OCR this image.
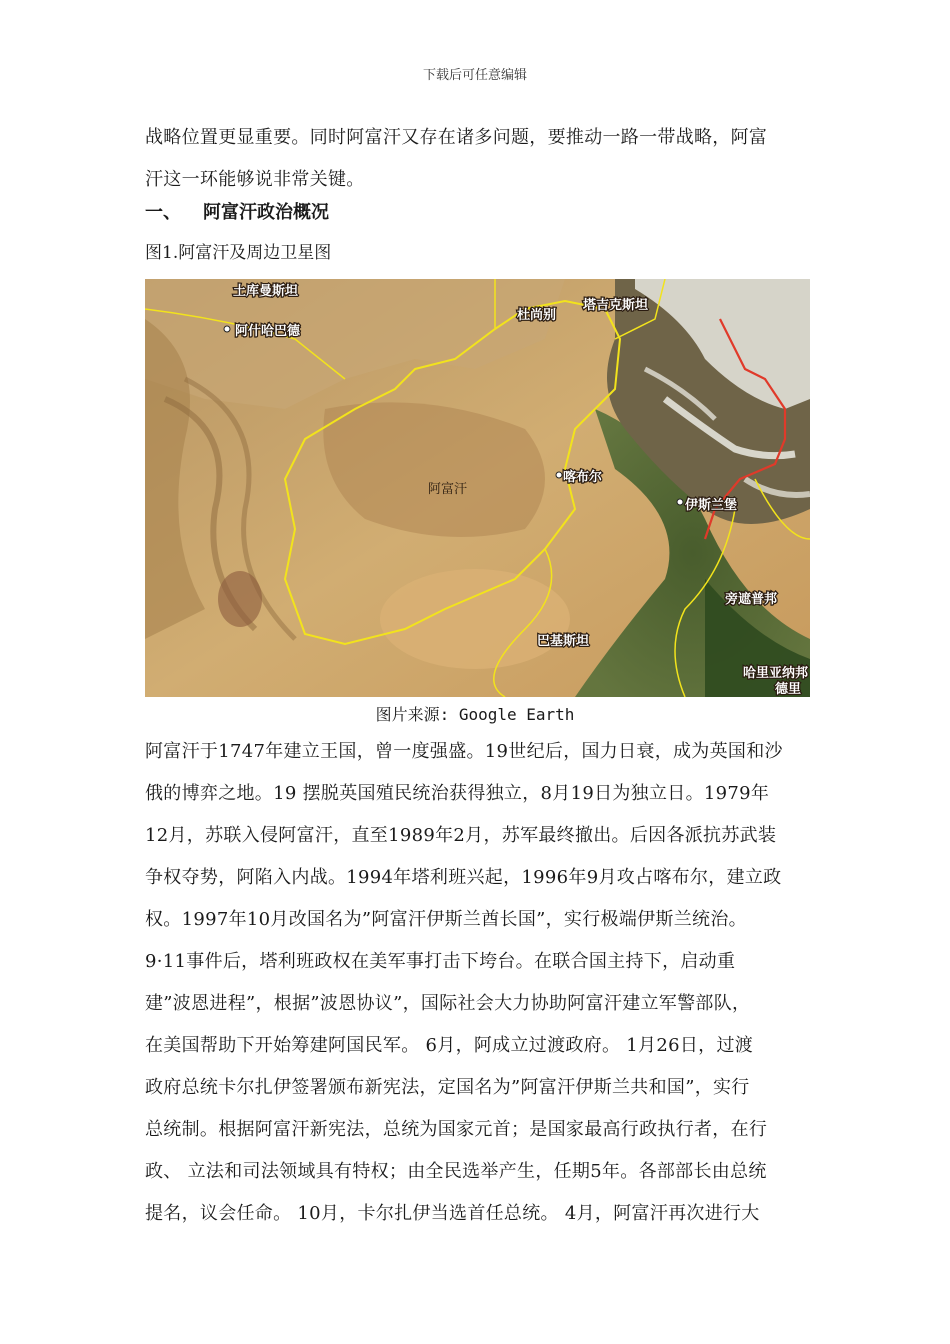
下载后可任意编辑
战略位置更显重要。同时阿富汗又存在诸多问题，要推动一路一带战略，阿富
汗这一环能够说非常关键。
一、 阿富汗政治概况
图1.阿富汗及周边卫星图
土库曼斯坦
阿什哈巴德
杜尚别
塔吉克斯坦
阿富汗
喀布尔
伊斯兰堡
旁遮普邦
巴基斯坦
哈里亚纳邦
德里
图片来源: Google Earth
阿富汗于1747年建立王国，曾一度强盛。19世纪后，国力日衰，成为英国和沙
俄的博弈之地。19 摆脱英国殖民统治获得独立，8月19日为独立日。1979年
12月，苏联入侵阿富汗，直至1989年2月，苏军最终撤出。后因各派抗苏武装
争权夺势，阿陷入内战。1994年塔利班兴起，1996年9月攻占喀布尔，建立政
权。1997年10月改国名为”阿富汗伊斯兰酋长国”，实行极端伊斯兰统治。
9·11事件后，塔利班政权在美军事打击下垮台。在联合国主持下，启动重
建”波恩进程”，根据”波恩协议”，国际社会大力协助阿富汗建立军警部队，
在美国帮助下开始筹建阿国民军。 6月，阿成立过渡政府。 1月26日，过渡
政府总统卡尔扎伊签署颁布新宪法，定国名为”阿富汗伊斯兰共和国”，实行
总统制。根据阿富汗新宪法，总统为国家元首；是国家最高行政执行者，在行
政、 立法和司法领域具有特权；由全民选举产生，任期5年。各部部长由总统
提名，议会任命。 10月，卡尔扎伊当选首任总统。 4月，阿富汗再次进行大
